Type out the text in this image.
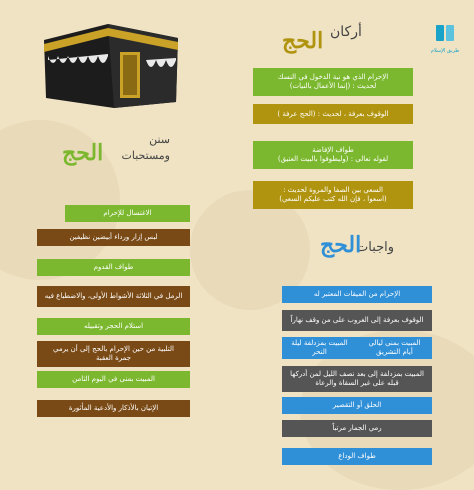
طريق الإسلام
أركان
الحج
الإحرام الذي هو نية الدخول في النسك
لحديث : (إنما الأعمال بالنيات)
الوقوف بعرفة ، لحديث : (الحج عرفة )
طواف الإفاضة
لقوله تعالى : (وليطوفوا بالبيت العتيق)
السعي بين الصفا والمروة لحديث :
(اسعوا ، فإن الله كتب عليكم السعي)
سنن
ومستحبات
الحج
الاغتسال للإحرام
لبس إزار ورداء أبيضين نظيفين
طواف القدوم
الرمل في الثلاثة الأشواط الأولى، والاضطباع فيه
استلام الحجر وتقبيله
التلبية من حين الإحرام بالحج إلى أن يرمي
جمرة العقبة
المبيت بمنى في اليوم الثامن
الإتيان بالأذكار والأدعية المأثورة
واجبات
الحج
الإحرام من الميقات المعتبر له
الوقوف بعرفة إلى الغروب على من وقف نهاراً
المبيت بمزدلفة ليلة النحر
المبيت بمنى ليالي أيام التشريق
المبيت بمزدلفة إلى بعد نصف الليل لمن أدركها قبله على غير السقاة والرعاة
الحلق أو التقصير
رمي الجمار مرتباً
طواف الوداع
